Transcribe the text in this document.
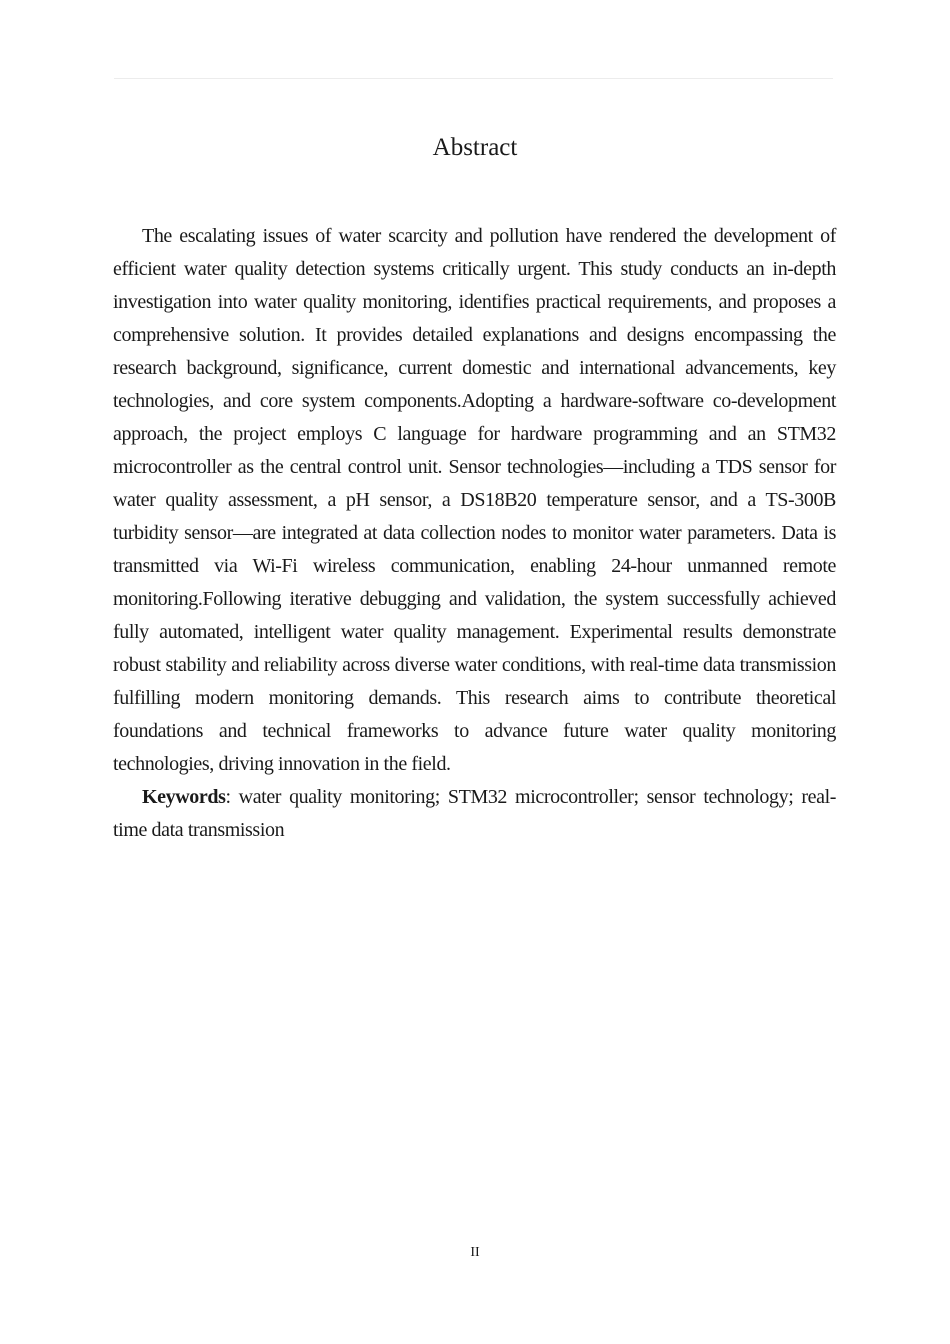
Abstract

The escalating issues of water scarcity and pollution have rendered the development of efficient water quality detection systems critically urgent. This study conducts an in-depth investigation into water quality monitoring, identifies practical requirements, and proposes a comprehensive solution. It provides detailed explanations and designs encompassing the research background, significance, current domestic and international advancements, key technologies, and core system components.Adopting a hardware-software co-development approach, the project employs C language for hardware programming and an STM32 microcontroller as the central control unit. Sensor technologies—including a TDS sensor for water quality assessment, a pH sensor, a DS18B20 temperature sensor, and a TS-300B turbidity sensor—are integrated at data collection nodes to monitor water parameters. Data is transmitted via Wi-Fi wireless communication, enabling 24-hour unmanned remote monitoring.Following iterative debugging and validation, the system successfully achieved fully automated, intelligent water quality management. Experimental results demonstrate robust stability and reliability across diverse water conditions, with real-time data transmission fulfilling modern monitoring demands. This research aims to contribute theoretical foundations and technical frameworks to advance future water quality monitoring technologies, driving innovation in the field.

Keywords: water quality monitoring; STM32 microcontroller; sensor technology; real-time data transmission

II
